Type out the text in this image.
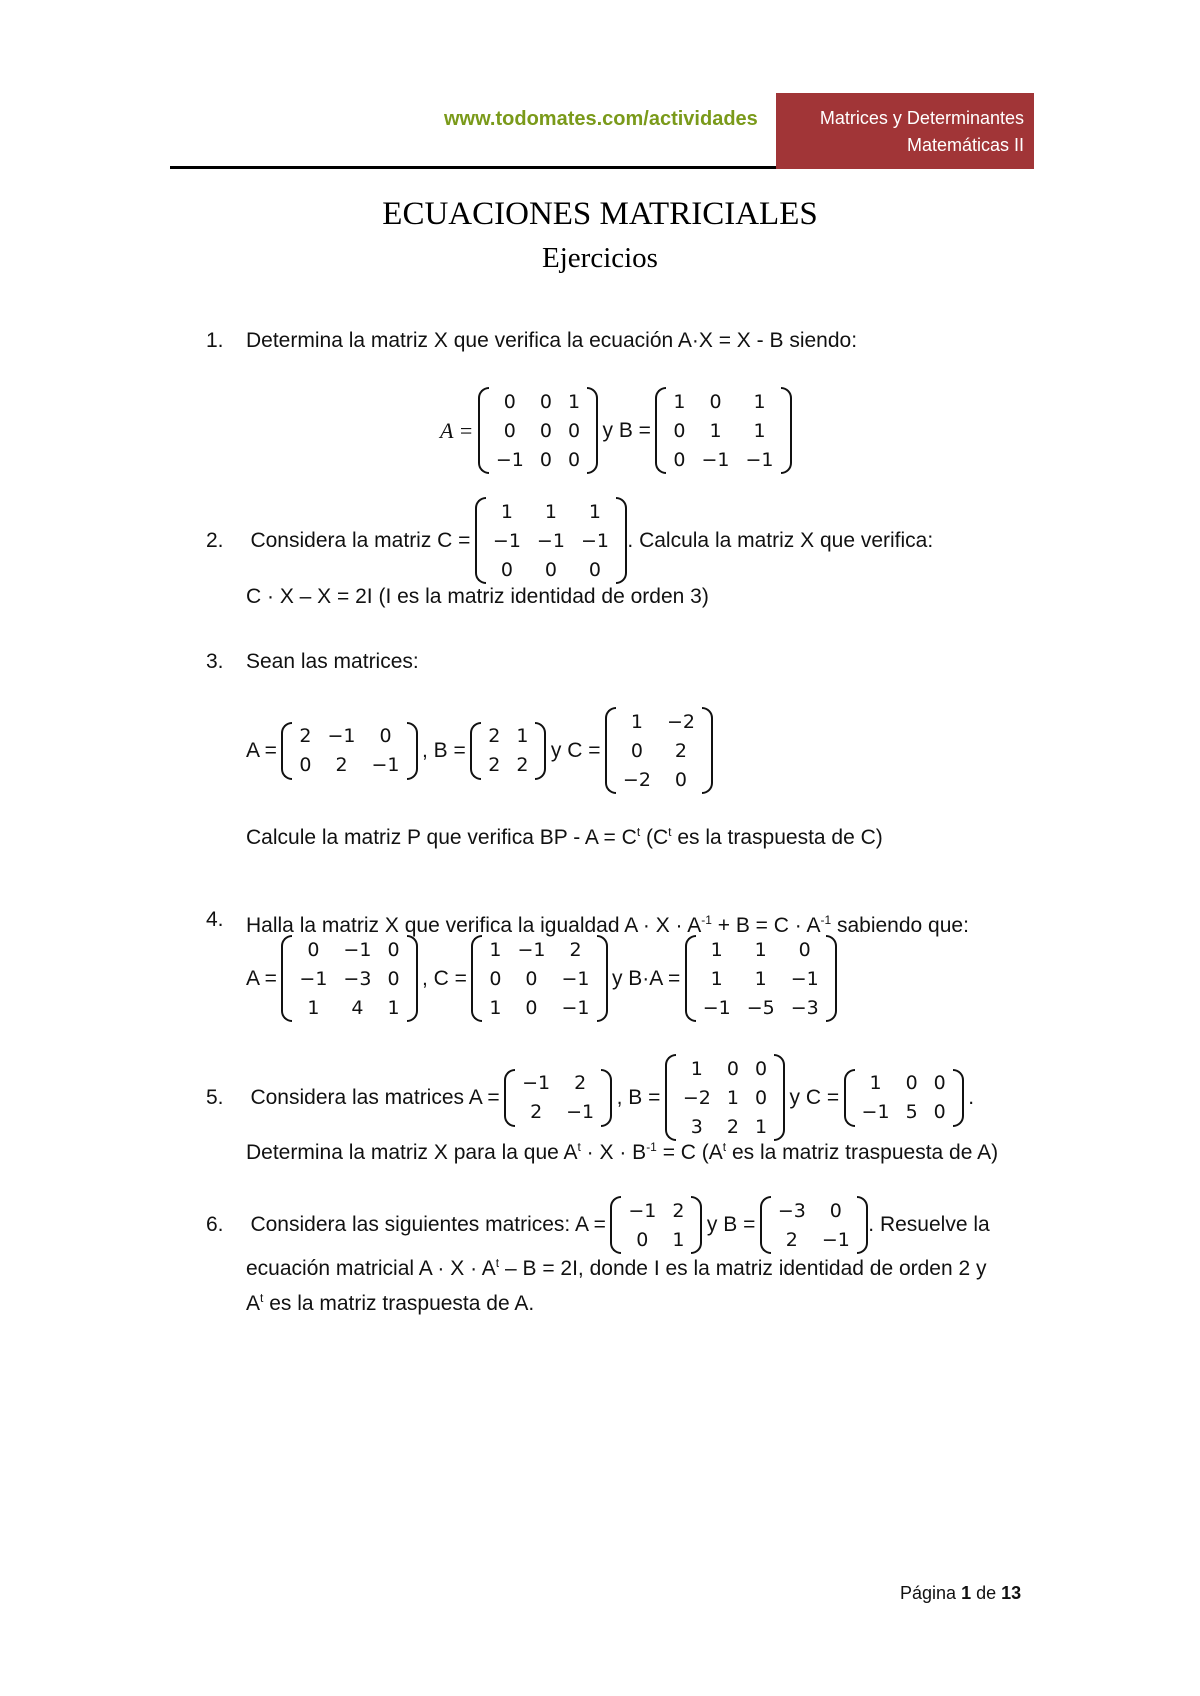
www.todomates.com/actividades	Matrices y Determinantes
Matemáticas II
ECUACIONES MATRICIALES
Ejercicios
1. Determina la matriz X que verifica la ecuación A·X = X - B siendo:
A =
0	0	1
0	0	0
−1	0	0
y B =
1	0	1
0	1	1
0	−1	−1
2. Considera la matriz C =
1	1	1
−1	−1	−1
0	0	0
. Calcula la matriz X que verifica:
C · X – X = 2I (I es la matriz identidad de orden 3)
3. Sean las matrices:
A =
2	−1	0
0	2	−1
, B =
2	1
2	2
y C =
1	−2
0	2
−2	0
Calcule la matriz P que verifica BP - $A = C^t$ ($C^t$ es la traspuesta de C)
4. Halla la matriz X que verifica la igualdad $A \cdot X \cdot A^{-1} + B = C \cdot A^{-1}$ sabiendo que:
A =
0	−1	0
−1	−3	0
1	4	1
, C =
1	−1	2
0	0	−1
1	0	−1
y B·A =
1	1	0
1	1	−1
−1	−5	−3
5. Considera las matrices A =
−1	2
2	−1
, B =
1	0	0
−2	1	0
3	2	1
y C =
1	0	0
−1	5	0
.
Determina la matriz X para la que $A^t \cdot X \cdot B^{-1} = C$ ($A^t$ es la matriz traspuesta de A)
6. Considera las siguientes matrices: A =
−1	2
0	1
y B =
−3	0
2	−1
. Resuelve la
ecuación matricial $A \cdot X \cdot A^t - B = 2I$, donde I es la matriz identidad de orden 2 y
$A^t$ es la matriz traspuesta de A.
Página 1 de 13
